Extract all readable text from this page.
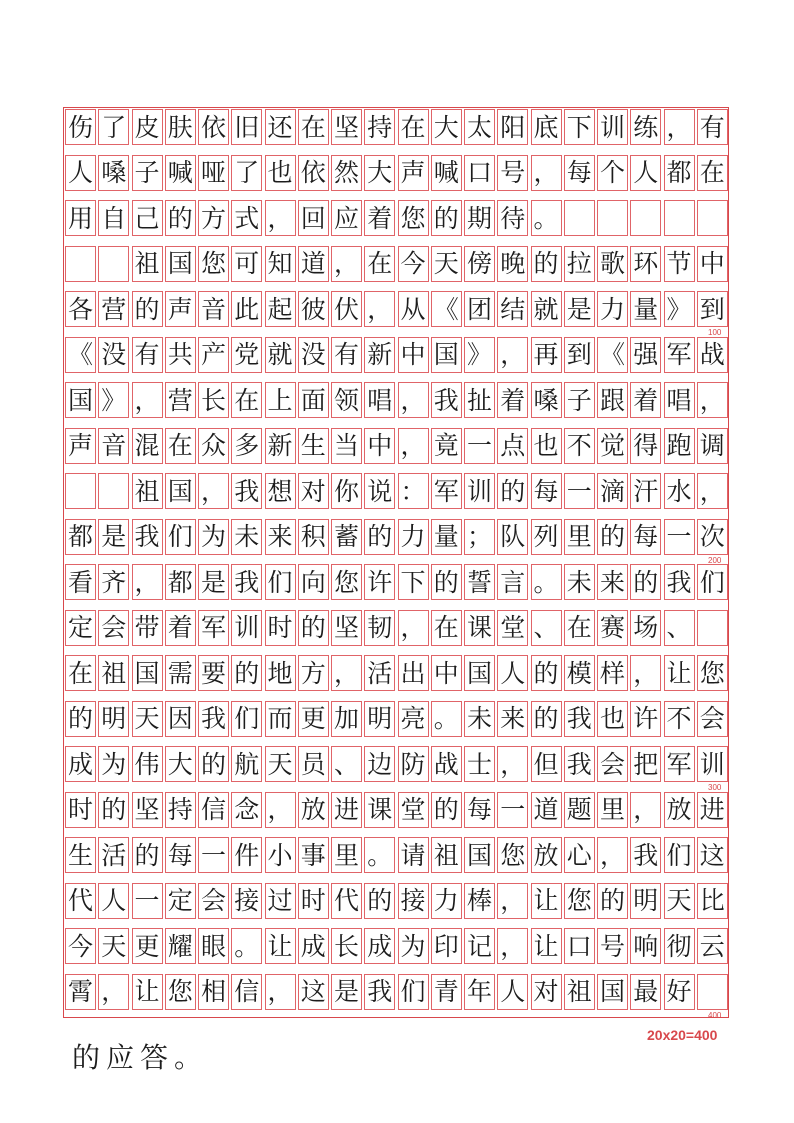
伤 了 皮 肤 依 旧 还 在 坚 持 在 大 太 阳 底 下 训 练 ， 有
人 嗓 子 喊 哑 了 也 依 然 大 声 喊 口 号 ， 每 个 人 都 在
用 自 己 的 方 式 ， 回 应 着 您 的 期 待 。
祖 国 您 可 知 道 ， 在 今 天 傍 晚 的 拉 歌 环 节 中
各 营 的 声 音 此 起 彼 伏 ， 从 《 团 结 就 是 力 量 》 到
《 没 有 共 产 党 就 没 有 新 中 国 》 ， 再 到 《 强 军 战
国 》 ， 营 长 在 上 面 领 唱 ， 我 扯 着 嗓 子 跟 着 唱 ，
声 音 混 在 众 多 新 生 当 中 ， 竟 一 点 也 不 觉 得 跑 调
祖 国 ， 我 想 对 你 说 ： 军 训 的 每 一 滴 汗 水 ，
都 是 我 们 为 未 来 积 蓄 的 力 量 ； 队 列 里 的 每 一 次
看 齐 ， 都 是 我 们 向 您 许 下 的 誓 言 。 未 来 的 我 们
定 会 带 着 军 训 时 的 坚 韧 ， 在 课 堂 、 在 赛 场 、
在 祖 国 需 要 的 地 方 ， 活 出 中 国 人 的 模 样 ， 让 您
的 明 天 因 我 们 而 更 加 明 亮 。 未 来 的 我 也 许 不 会
成 为 伟 大 的 航 天 员 、 边 防 战 士 ， 但 我 会 把 军 训
时 的 坚 持 信 念 ， 放 进 课 堂 的 每 一 道 题 里 ， 放 进
生 活 的 每 一 件 小 事 里 。 请 祖 国 您 放 心 ， 我 们 这
代 人 一 定 会 接 过 时 代 的 接 力 棒 ， 让 您 的 明 天 比
今 天 更 耀 眼 。 让 成 长 成 为 印 记 ， 让 口 号 响 彻 云
霄 ， 让 您 相 信 ， 这 是 我 们 青 年 人 对 祖 国 最 好
100
200
300
400
的应答。
20x20=400
